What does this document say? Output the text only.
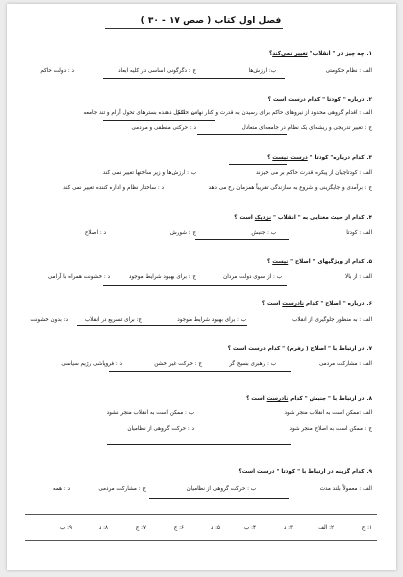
فصل اول کتاب ( صص ۱۷ - ۳۰ )
۱. چه چیز در " انقلاب" تغییر نمی‌کند؟
الف : نظام حکومتی
ب: ارزش‌ها
ج : دگرگونی اساسی در کلیه ابعاد
د : دولت حاکم
۲. درباره " کودتا " کدام درست است ؟
الف : اقدام گروهی محدود از نیروهای حاکم برای رسیدن به قدرت و کنار نهادن حاکم
ب : شکل دهنده بسترهای تحول آرام و تند جامعه
ج : تغییر تدریجی و ریشه‌ای یک نظام در جامعه‌ای متعادل
د : حرکتی منطقی و مردمی
۳. کدام درباره" کودتا " درست نیست ؟
الف : کودتاچیان از پیکره قدرت حاکم بر می خیزند
ب : ارزش‌ها و زیر ساختها تغییر نمی کند
ج : برآمدی و جایگزینی و شروع به سازندگی تقریباً همزمان رخ می دهد
د : ساختار نظام و اداره کننده تغییر نمی کند
۴. کدام از حیث معنایی به " انقلاب " نزدیک است ؟
الف : کودتا
ب : جنبش
ج : شورش
د : اصلاح
۵. کدام از ویژگیهای " اصلاح " نیست ؟
الف : از بالا
ب : از سوی دولت مردان
ج : برای بهبود شرایط موجود
د : خشونت همراه با آرامی
۶. درباره " اصلاح " کدام نادرست است ؟
الف : به منظور جلوگیری از انقلاب
ب : برای بهبود شرایط موجود
ج: برای تسریع در انقلاب
د: بدون خشونت
۷. در ارتباط با " اصلاح ( رفرم) " کدام درست است ؟
الف : مشارکت مردمی
ب : رهبری بسیج گر
ج : حرکت غیر خشن
د : فروپاشی رژیم سیاسی
۸. در ارتباط با " جنبش " کدام نادرست است ؟
الف :ممکن است به انقلاب منجر شود
ب : ممکن است به انقلاب منجر نشود
ج : ممکن است به اصلاح منجر شود
د : حرکت گروهی از نظامیان
۹. کدام گزینه در ارتباط با " کودتا " درست است؟
الف : معمولاً بلند مدت
ب : حرکت گروهی از نظامیان
ج : مشارکت مردمی
د : همه
۱: ج
۲: الف
۳: د
۴: ب
۵: د
۶: ج
۷: ج
۸: د
۹: ب
